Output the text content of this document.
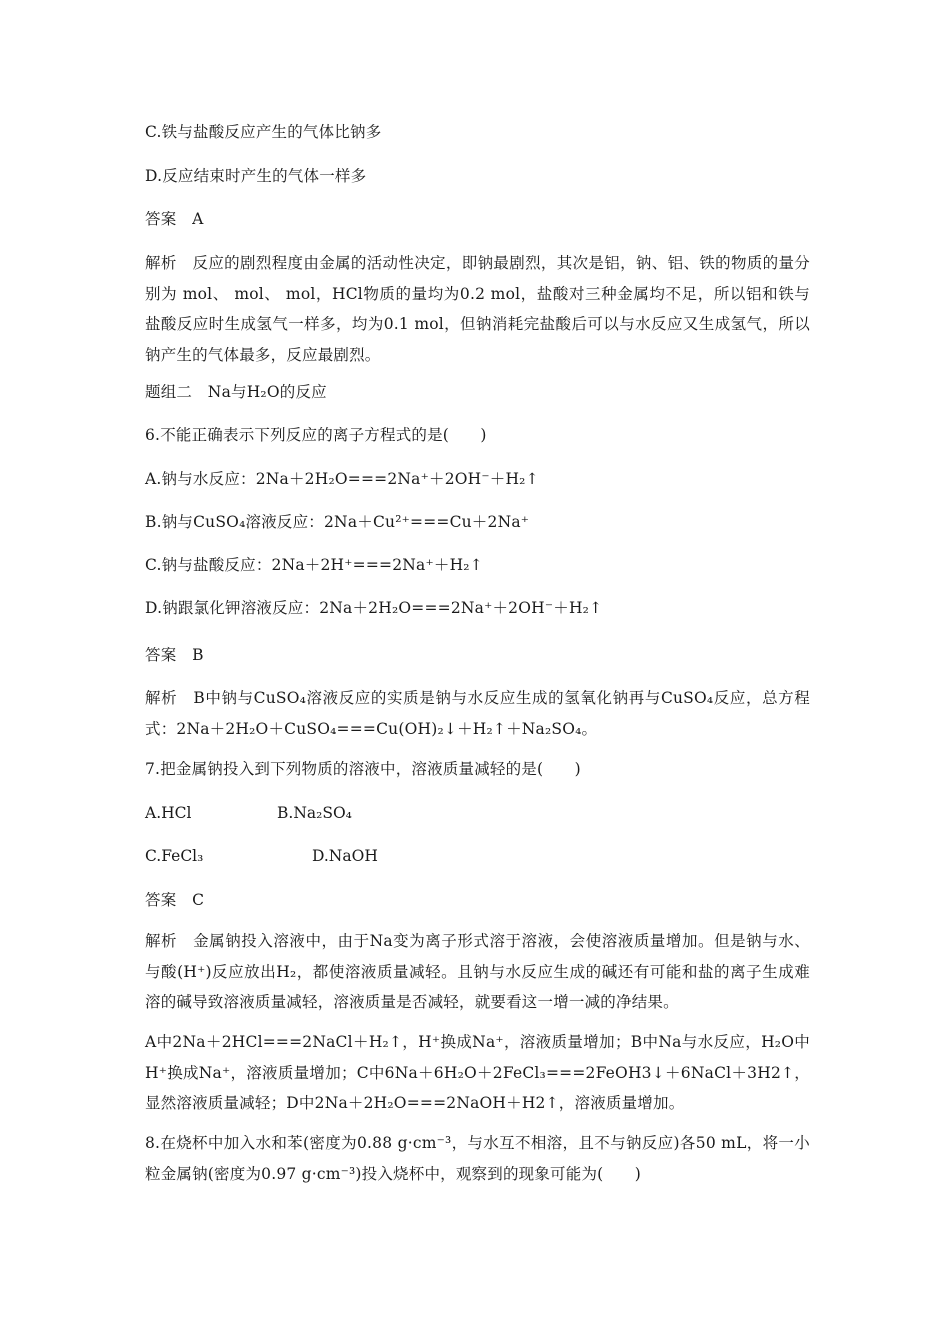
C.铁与盐酸反应产生的气体比钠多
D.反应结束时产生的气体一样多
答案　A
解析　反应的剧烈程度由金属的活动性决定，即钠最剧烈，其次是铝，钠、铝、铁的物质的量分别为 mol、 mol、 mol，HCl物质的量均为0.2 mol，盐酸对三种金属均不足，所以铝和铁与盐酸反应时生成氢气一样多，均为0.1 mol，但钠消耗完盐酸后可以与水反应又生成氢气，所以钠产生的气体最多，反应最剧烈。
题组二　Na与H₂O的反应
6.不能正确表示下列反应的离子方程式的是(　　)
A.钠与水反应：2Na＋2H₂O===2Na⁺＋2OH⁻＋H₂↑
B.钠与CuSO₄溶液反应：2Na＋Cu²⁺===Cu＋2Na⁺
C.钠与盐酸反应：2Na＋2H⁺===2Na⁺＋H₂↑
D.钠跟氯化钾溶液反应：2Na＋2H₂O===2Na⁺＋2OH⁻＋H₂↑
答案　B
解析　B中钠与CuSO₄溶液反应的实质是钠与水反应生成的氢氧化钠再与CuSO₄反应，总方程式：2Na＋2H₂O＋CuSO₄===Cu(OH)₂↓＋H₂↑＋Na₂SO₄。
7.把金属钠投入到下列物质的溶液中，溶液质量减轻的是(　　)
A.HCl	B.Na₂SO₄
C.FeCl₃	D.NaOH
答案　C
解析　金属钠投入溶液中，由于Na变为离子形式溶于溶液，会使溶液质量增加。但是钠与水、与酸(H⁺)反应放出H₂，都使溶液质量减轻。且钠与水反应生成的碱还有可能和盐的离子生成难溶的碱导致溶液质量减轻，溶液质量是否减轻，就要看这一增一减的净结果。
A中2Na＋2HCl===2NaCl＋H₂↑，H⁺换成Na⁺，溶液质量增加；B中Na与水反应，H₂O中H⁺换成Na⁺，溶液质量增加；C中6Na＋6H₂O＋2FeCl₃===2FeOH3↓＋6NaCl＋3H2↑，显然溶液质量减轻；D中2Na＋2H₂O===2NaOH＋H2↑，溶液质量增加。
8.在烧杯中加入水和苯(密度为0.88 g·cm⁻³，与水互不相溶，且不与钠反应)各50 mL，将一小粒金属钠(密度为0.97 g·cm⁻³)投入烧杯中，观察到的现象可能为(　　)
